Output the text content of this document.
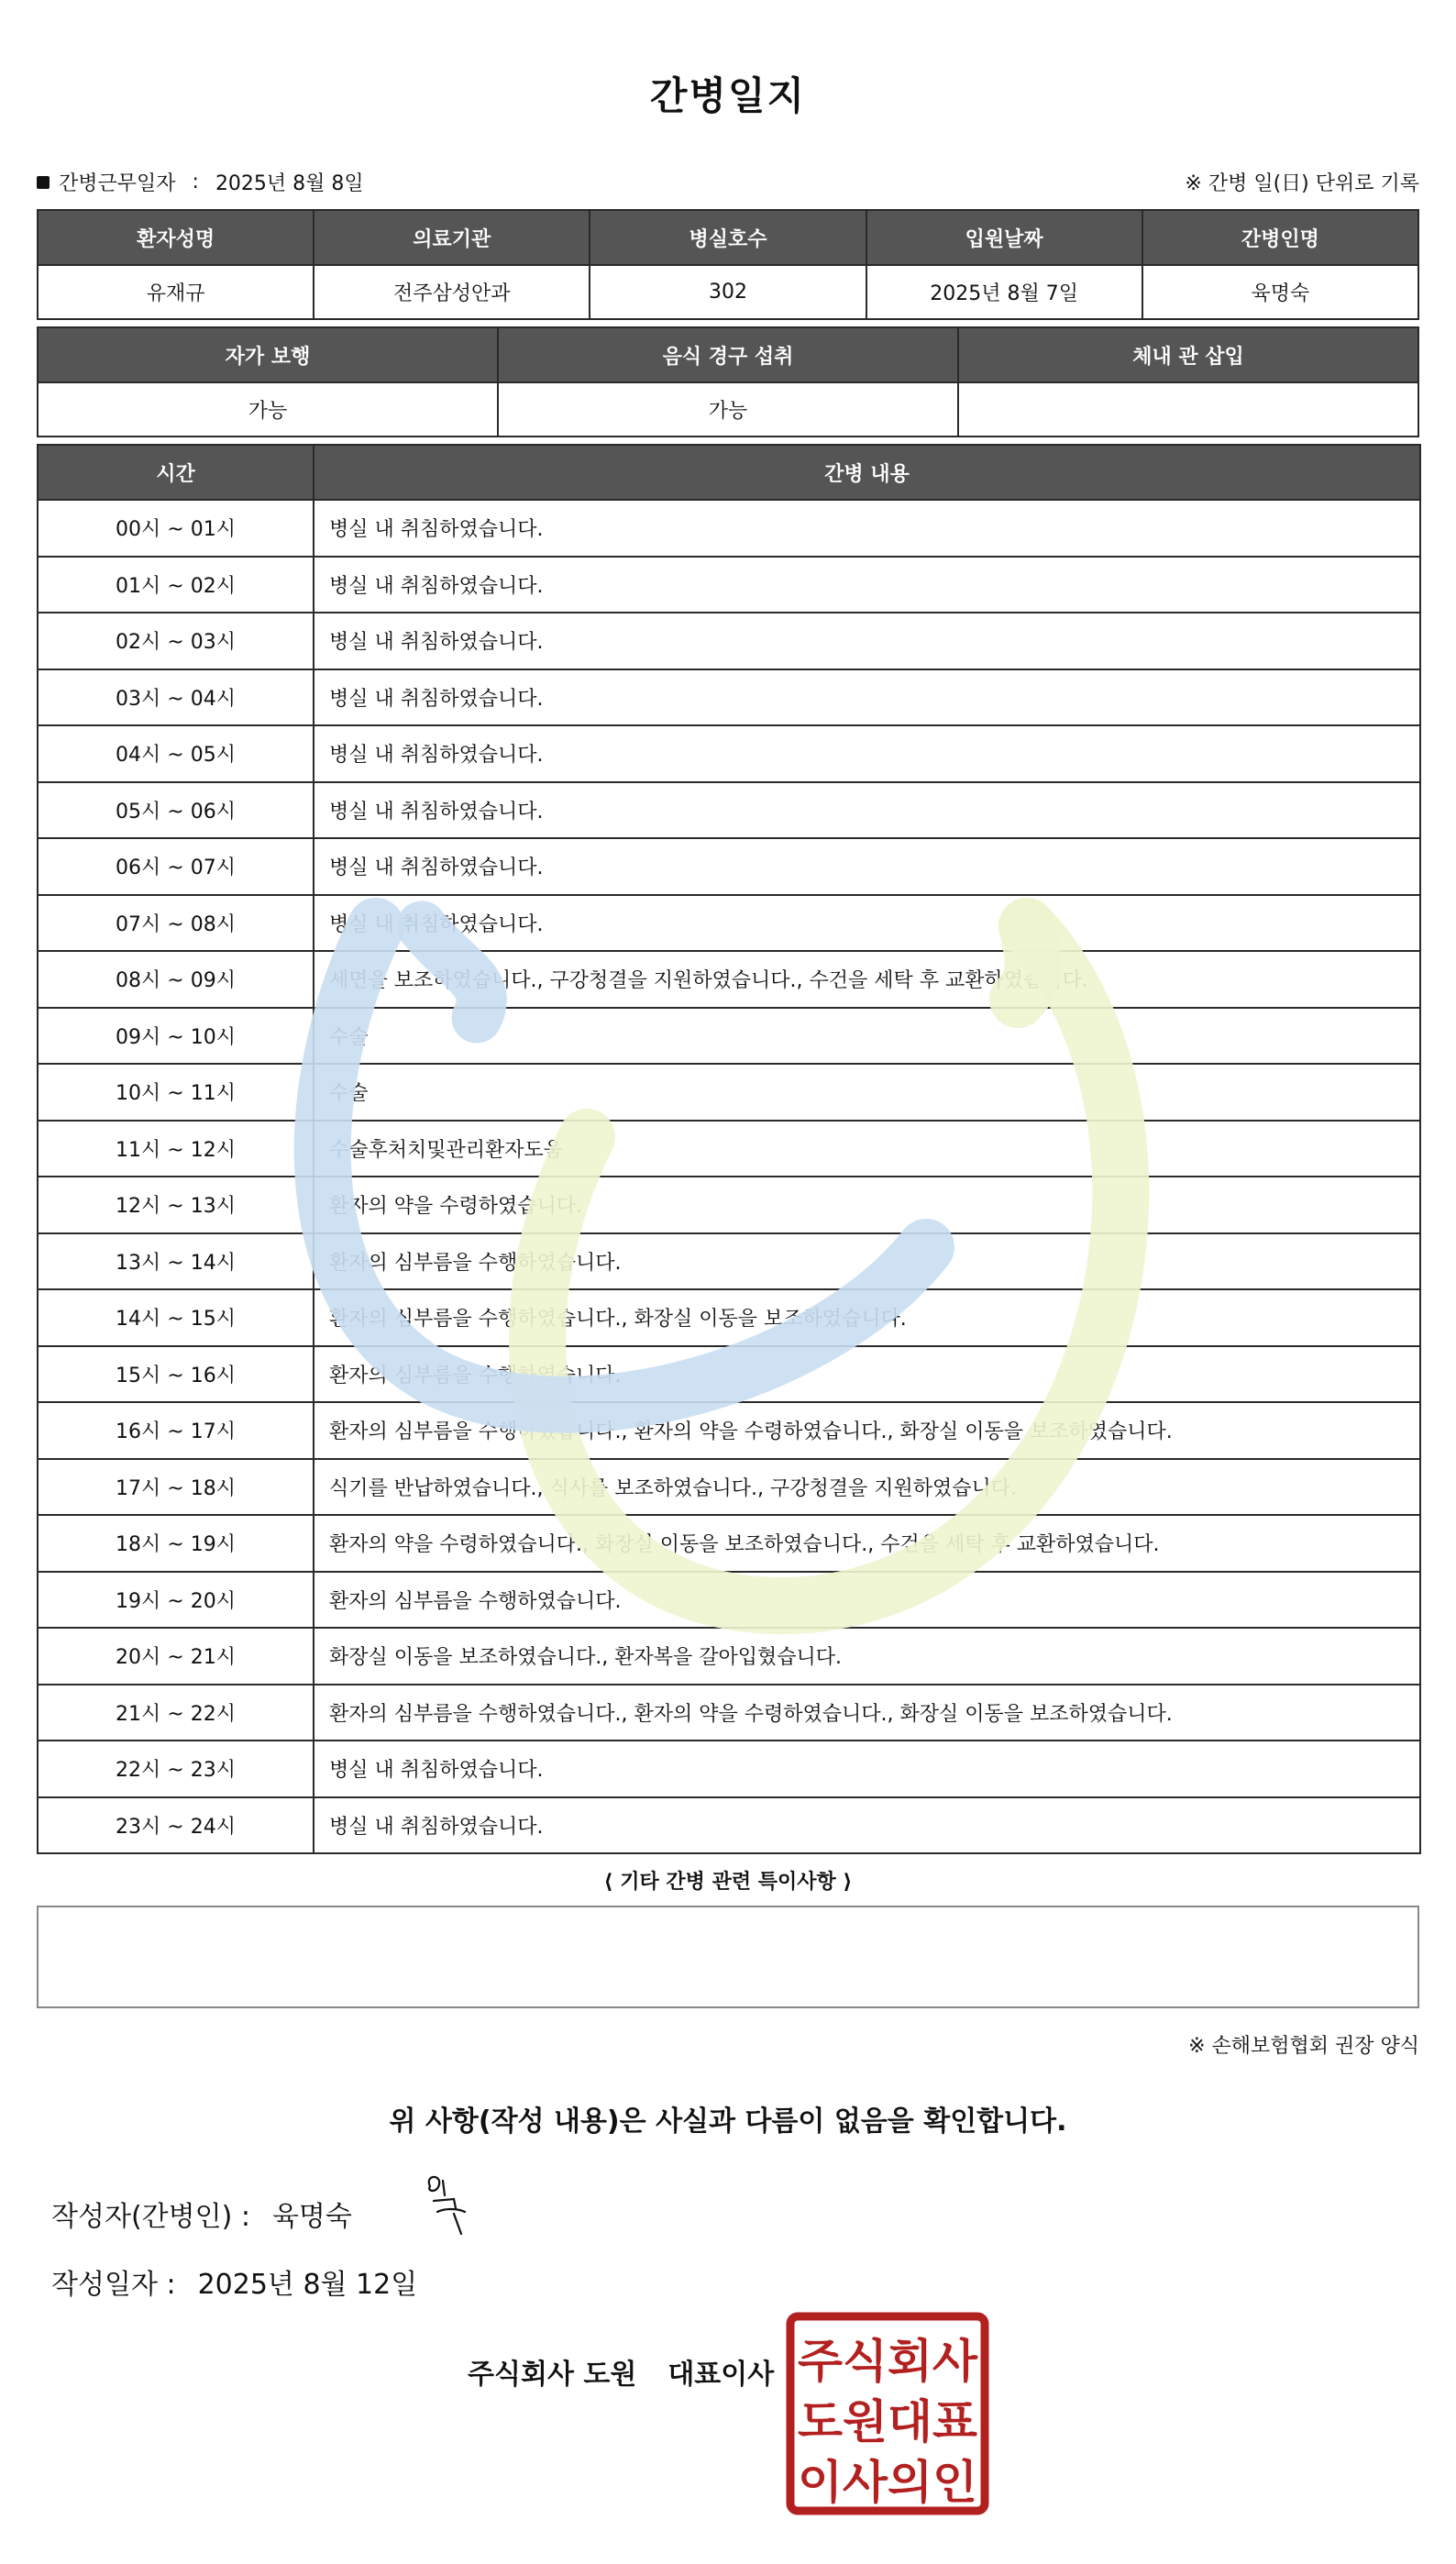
간병일지
간병근무일자 : 2025년 8월 8일	※ 간병 일(日) 단위로 기록
환자성명	의료기관	병실호수	입원날짜	간병인명
유재규	전주삼성안과	302	2025년 8월 7일	육명숙
자가 보행	음식 경구 섭취	체내 관 삽입
가능	가능	
시간	간병 내용
00시 ~ 01시	병실 내 취침하였습니다.
01시 ~ 02시	병실 내 취침하였습니다.
02시 ~ 03시	병실 내 취침하였습니다.
03시 ~ 04시	병실 내 취침하였습니다.
04시 ~ 05시	병실 내 취침하였습니다.
05시 ~ 06시	병실 내 취침하였습니다.
06시 ~ 07시	병실 내 취침하였습니다.
07시 ~ 08시	병실 내 취침하였습니다.
08시 ~ 09시	세면을 보조하였습니다., 구강청결을 지원하였습니다., 수건을 세탁 후 교환하였습니다.
09시 ~ 10시	수술
10시 ~ 11시	수술
11시 ~ 12시	수술후처치및관리환자도움
12시 ~ 13시	환자의 약을 수령하였습니다.
13시 ~ 14시	환자의 심부름을 수행하였습니다.
14시 ~ 15시	환자의 심부름을 수행하였습니다., 화장실 이동을 보조하였습니다.
15시 ~ 16시	환자의 심부름을 수행하였습니다.
16시 ~ 17시	환자의 심부름을 수행하였습니다., 환자의 약을 수령하였습니다., 화장실 이동을 보조하였습니다.
17시 ~ 18시	식기를 반납하였습니다., 식사를 보조하였습니다., 구강청결을 지원하였습니다.
18시 ~ 19시	환자의 약을 수령하였습니다., 화장실 이동을 보조하였습니다., 수건을 세탁 후 교환하였습니다.
19시 ~ 20시	환자의 심부름을 수행하였습니다.
20시 ~ 21시	화장실 이동을 보조하였습니다., 환자복을 갈아입혔습니다.
21시 ~ 22시	환자의 심부름을 수행하였습니다., 환자의 약을 수령하였습니다., 화장실 이동을 보조하였습니다.
22시 ~ 23시	병실 내 취침하였습니다.
23시 ~ 24시	병실 내 취침하였습니다.
⟨ 기타 간병 관련 특이사항 ⟩
※ 손해보험협회 권장 양식
위 사항(작성 내용)은 사실과 다름이 없음을 확인합니다.
작성자(간병인) : 육명숙
작성일자 : 2025년 8월 12일
주식회사 도원 대표이사 주식회사
도원대표
이사의인
